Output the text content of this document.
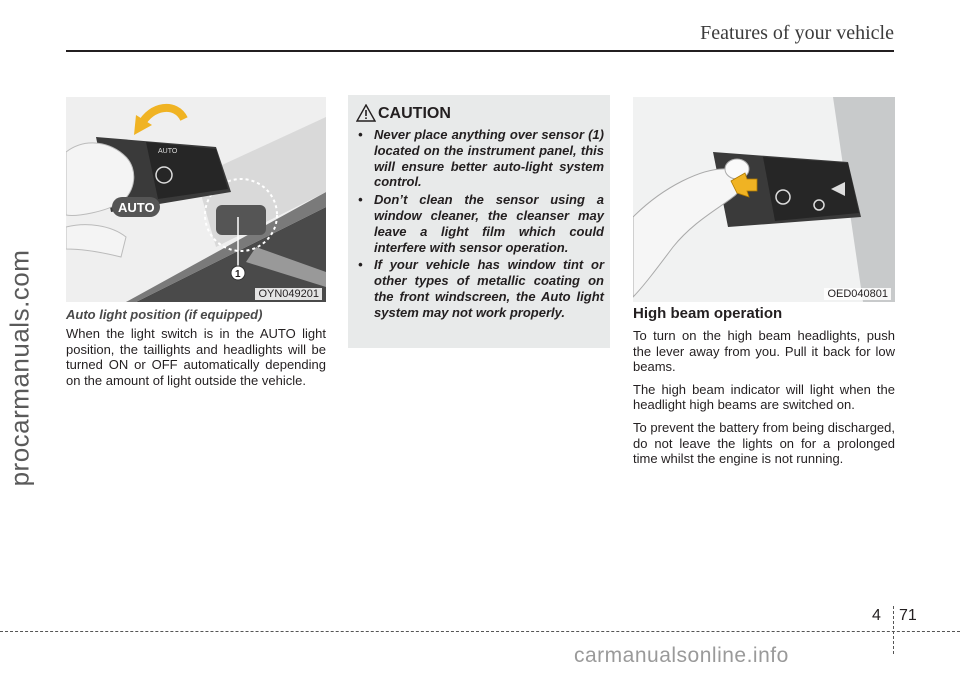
Features of your vehicle
procarmanuals.com
AUTO
1
AUTO
OYN049201

Auto light position (if equipped)

When the light switch is in the AUTO light position, the taillights and headlights will be turned ON or OFF automatically depending on the amount of light outside the vehicle.

CAUTION
• Never place anything over sensor (1) located on the instrument panel, this will ensure better auto-light system control.
• Don’t clean the sensor using a window cleaner, the cleanser may leave a light film which could interfere with sensor operation.
• If your vehicle has window tint or other types of metallic coating on the front windscreen, the Auto light system may not work properly.
OED040801

High beam operation

To turn on the high beam headlights, push the lever away from you. Pull it back for low beams.

The high beam indicator will light when the headlight high beams are switched on.

To prevent the battery from being discharged, do not leave the lights on for a prolonged time whilst the engine is not running.

4 71
carmanualsonline.info
